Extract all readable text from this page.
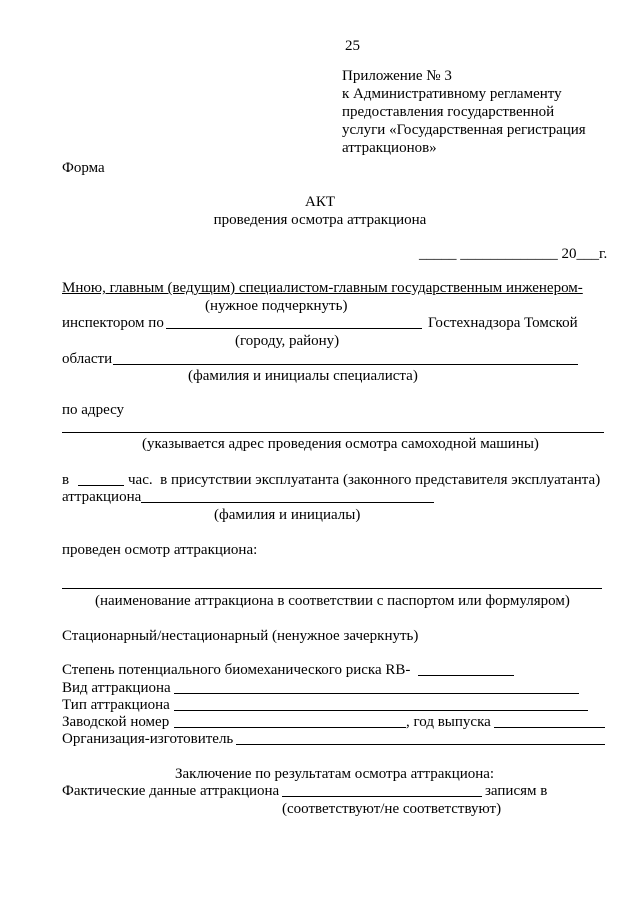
25
Приложение № 3
к Административному регламенту
предоставления государственной
услуги «Государственная регистрация
аттракционов»
Форма
АКТ
проведения осмотра аттракциона
_____ _____________ 20___г.
Мною, главным (ведущим) специалистом-главным государственным инженером-
(нужное подчеркнуть)
инспектором по	Гостехнадзора Томской
(городу, району)
области
(фамилия и инициалы специалиста)
по адресу
(указывается адрес проведения осмотра самоходной машины)
в	час.  в присутствии эксплуатанта (законного представителя эксплуатанта)
аттракциона
(фамилия и инициалы)
проведен осмотр аттракциона:
(наименование аттракциона в соответствии с паспортом или формуляром)
Стационарный/нестационарный (ненужное зачеркнуть)
Степень потенциального биомеханического риска RB-
Вид аттракциона
Тип аттракциона
Заводской номер	, год выпуска
Организация-изготовитель
Заключение по результатам осмотра аттракциона:
Фактические данные аттракциона	записям в
(соответствуют/не соответствуют)
